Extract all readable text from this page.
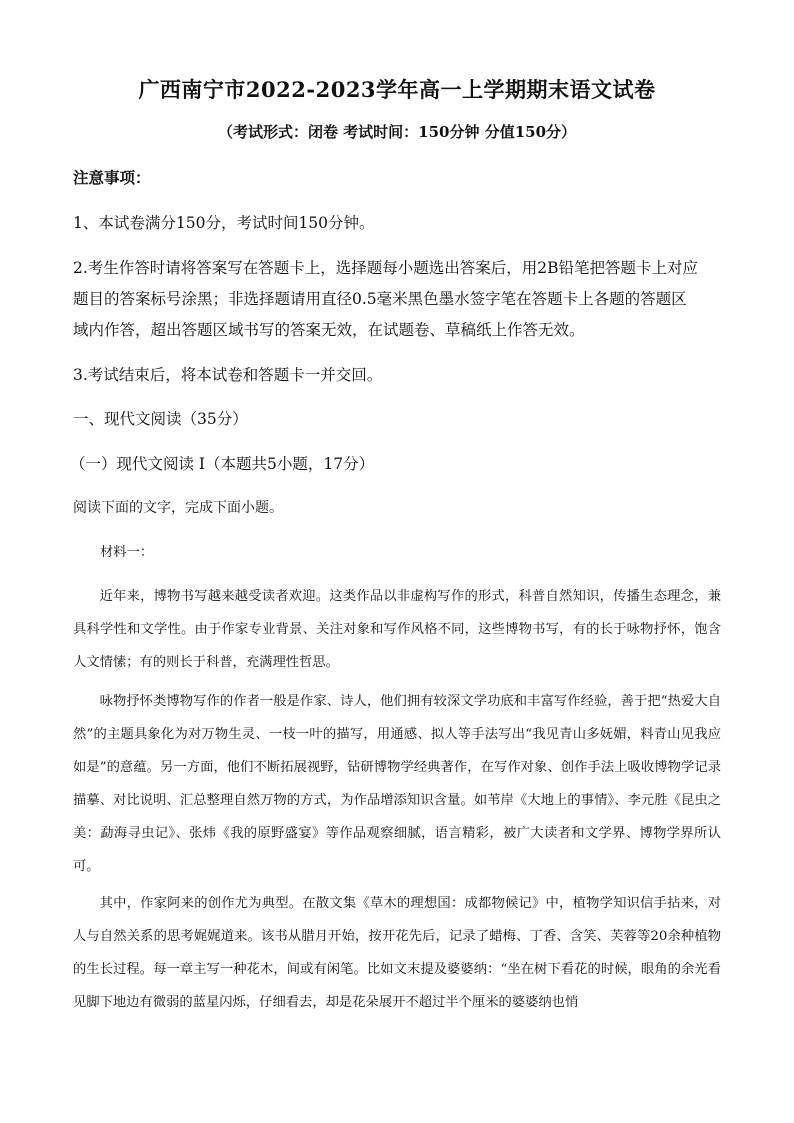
广西南宁市2022-2023学年高一上学期期末语文试卷
（考试形式：闭卷 考试时间：150分钟 分值150分）
注意事项：
1、本试卷满分150分，考试时间150分钟。
2.考生作答时请将答案写在答题卡上，选择题每小题选出答案后，用2B铅笔把答题卡上对应
题目的答案标号涂黑；非选择题请用直径0.5毫米黑色墨水签字笔在答题卡上各题的答题区
域内作答，超出答题区域书写的答案无效，在试题卷、草稿纸上作答无效。
3.考试结束后，将本试卷和答题卡一并交回。
一、现代文阅读（35分）
（一）现代文阅读 I（本题共5小题，17分）
阅读下面的文字，完成下面小题。
材料一：
近年来，博物书写越来越受读者欢迎。这类作品以非虚构写作的形式，科普自然知识，传播生态理念，兼具科学性和文学性。由于作家专业背景、关注对象和写作风格不同，这些博物书写，有的长于咏物抒怀，饱含人文情愫；有的则长于科普，充满理性哲思。
咏物抒怀类博物写作的作者一般是作家、诗人，他们拥有较深文学功底和丰富写作经验，善于把“热爱大自然”的主题具象化为对万物生灵、一枝一叶的描写，用通感、拟人等手法写出“我见青山多妩媚，料青山见我应如是”的意蕴。另一方面，他们不断拓展视野，钻研博物学经典著作，在写作对象、创作手法上吸收博物学记录描摹、对比说明、汇总整理自然万物的方式，为作品增添知识含量。如苇岸《大地上的事情》、李元胜《昆虫之美：勐海寻虫记》、张炜《我的原野盛宴》等作品观察细腻，语言精彩，被广大读者和文学界、博物学界所认可。
其中，作家阿来的创作尤为典型。在散文集《草木的理想国：成都物候记》中，植物学知识信手拈来，对人与自然关系的思考娓娓道来。该书从腊月开始，按开花先后，记录了蜡梅、丁香、含笑、芙蓉等20余种植物的生长过程。每一章主写一种花木，间或有闲笔。比如文末提及婆婆纳：“坐在树下看花的时候，眼角的余光看见脚下地边有微弱的蓝星闪烁，仔细看去，却是花朵展开不超过半个厘米的婆婆纳也悄
